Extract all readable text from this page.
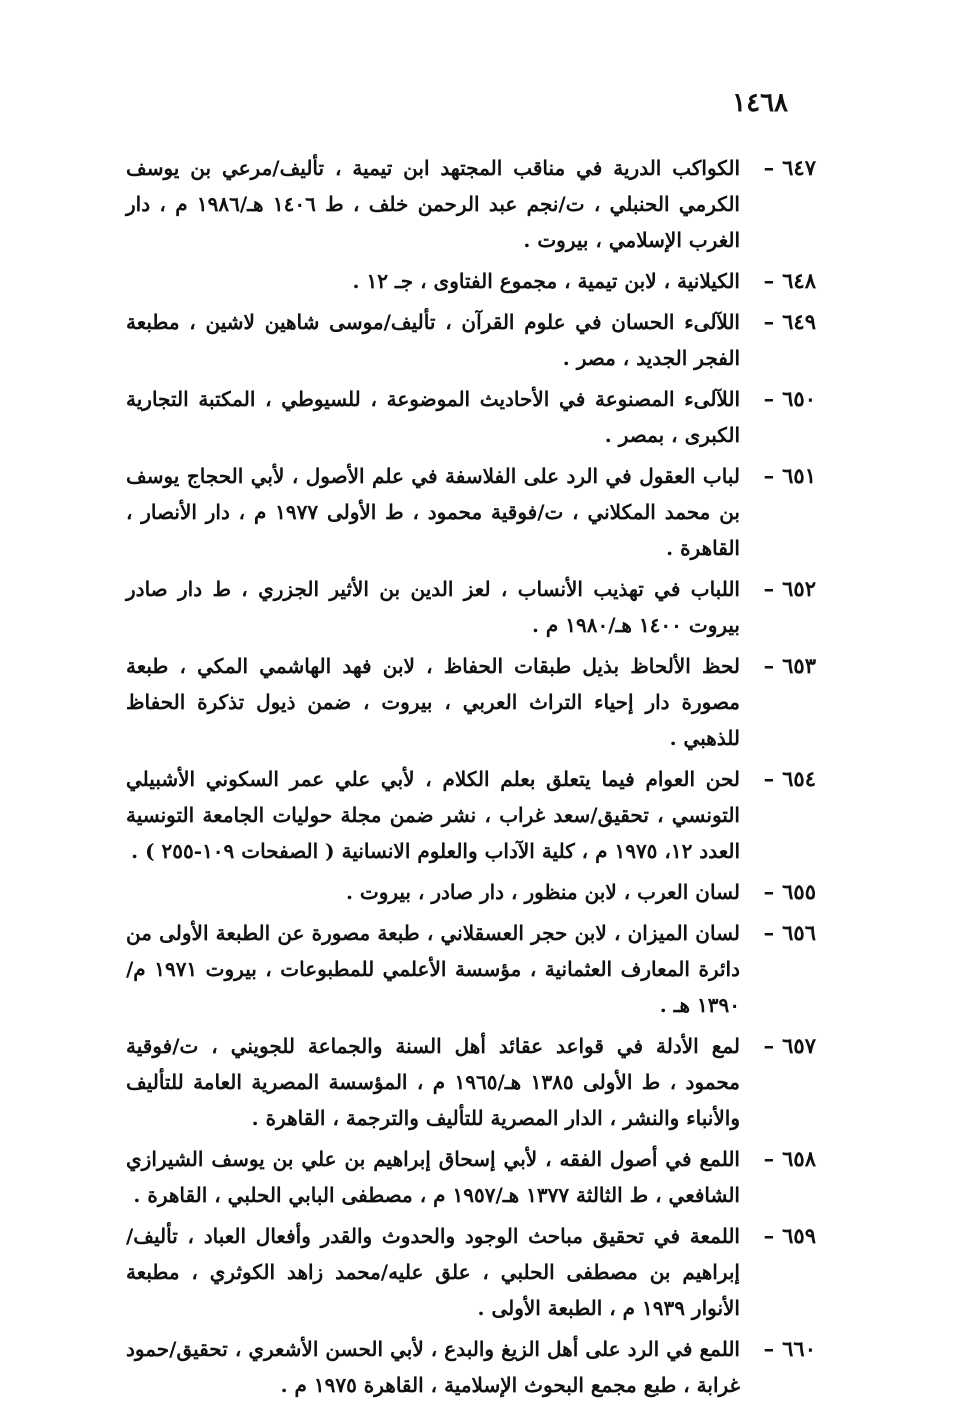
١٤٦٨
٦٤٧–
الكواكب الدرية في مناقب المجتهد ابن تيمية ، تأليف/مرعي بن يوسف الكرمي الحنبلي ، ت/نجم عبد الرحمن خلف ، ط ١٤٠٦ هـ/١٩٨٦ م ، دار الغرب الإسلامي ، بيروت .
٦٤٨–
الكيلانية ، لابن تيمية ، مجموع الفتاوى ، جـ ١٢ .
٦٤٩–
اللآلىء الحسان في علوم القرآن ، تأليف/موسى شاهين لاشين ، مطبعة الفجر الجديد ، مصر .
٦٥٠–
اللآلىء المصنوعة في الأحاديث الموضوعة ، للسيوطي ، المكتبة التجارية الكبرى ، بمصر .
٦٥١–
لباب العقول في الرد على الفلاسفة في علم الأصول ، لأبي الحجاج يوسف بن محمد المكلاني ، ت/فوقية محمود ، ط الأولى ١٩٧٧ م ، دار الأنصار ، القاهرة .
٦٥٢–
اللباب في تهذيب الأنساب ، لعز الدين بن الأثير الجزري ، ط دار صادر بيروت ١٤٠٠ هـ/١٩٨٠ م .
٦٥٣–
لحظ الألحاظ بذيل طبقات الحفاظ ، لابن فهد الهاشمي المكي ، طبعة مصورة دار إحياء التراث العربي ، بيروت ، ضمن ذيول تذكرة الحفاظ للذهبي .
٦٥٤–
لحن العوام فيما يتعلق بعلم الكلام ، لأبي علي عمر السكوني الأشبيلي التونسي ، تحقيق/سعد غراب ، نشر ضمن مجلة حوليات الجامعة التونسية العدد ١٢، ١٩٧٥ م ، كلية الآداب والعلوم الانسانية ( الصفحات ١٠٩-٢٥٥ ) .
٦٥٥–
لسان العرب ، لابن منظور ، دار صادر ، بيروت .
٦٥٦–
لسان الميزان ، لابن حجر العسقلاني ، طبعة مصورة عن الطبعة الأولى من دائرة المعارف العثمانية ، مؤسسة الأعلمي للمطبوعات ، بيروت ١٩٧١ م/١٣٩٠ هـ .
٦٥٧–
لمع الأدلة في قواعد عقائد أهل السنة والجماعة للجويني ، ت/فوقية محمود ، ط الأولى ١٣٨٥ هـ/١٩٦٥ م ، المؤسسة المصرية العامة للتأليف والأنباء والنشر ، الدار المصرية للتأليف والترجمة ، القاهرة .
٦٥٨–
اللمع في أصول الفقه ، لأبي إسحاق إبراهيم بن علي بن يوسف الشيرازي الشافعي ، ط الثالثة ١٣٧٧ هـ/١٩٥٧ م ، مصطفى البابي الحلبي ، القاهرة .
٦٥٩–
اللمعة في تحقيق مباحث الوجود والحدوث والقدر وأفعال العباد ، تأليف/إبراهيم بن مصطفى الحلبي ، علق عليه/محمد زاهد الكوثري ، مطبعة الأنوار ١٩٣٩ م ، الطبعة الأولى .
٦٦٠–
اللمع في الرد على أهل الزيغ والبدع ، لأبي الحسن الأشعري ، تحقيق/حمود غرابة ، طبع مجمع البحوث الإسلامية ، القاهرة ١٩٧٥ م .
